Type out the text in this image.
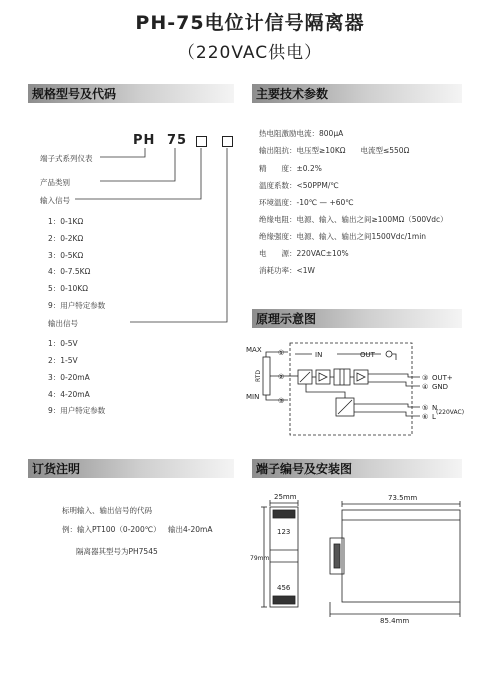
PH-75电位计信号隔离器
（220VAC供电）
规格型号及代码	主要技术参数
原理示意图
订货注明	端子编号及安装图
PH 75
端子式系列仪表
产品类别
输入信号
1：0-1KΩ
2：0-2KΩ
3：0-5KΩ
4：0-7.5KΩ
5：0-10KΩ
9：用户特定参数
输出信号
1：0-5V
2：1-5V
3：0-20mA
4：4-20mA
9：用户特定参数
热电阻激励电流：800μA
输出阻抗：电压型≥10KΩ　　电流型≤550Ω
精　　度：±0.2%
温度系数：<50PPM/℃
环境温度：-10℃ — +60℃
绝缘电阻：电源、输入、输出之间≥100MΩ（500Vdc）
绝缘强度：电源、输入、输出之间1500Vdc/1min
电　　源：220VAC±10%
消耗功率：<1W
MAX
MIN
RTD
①
②
③
IN	OUT
③ OUT+
④ GND
⑤ N
⑥ L
(220VAC)
标明输入、输出信号的代码
例：输入PT100（0-200℃） 输出4-20mA
隔离器其型号为PH7545
25mm
79mm
123
456
73.5mm
85.4mm
